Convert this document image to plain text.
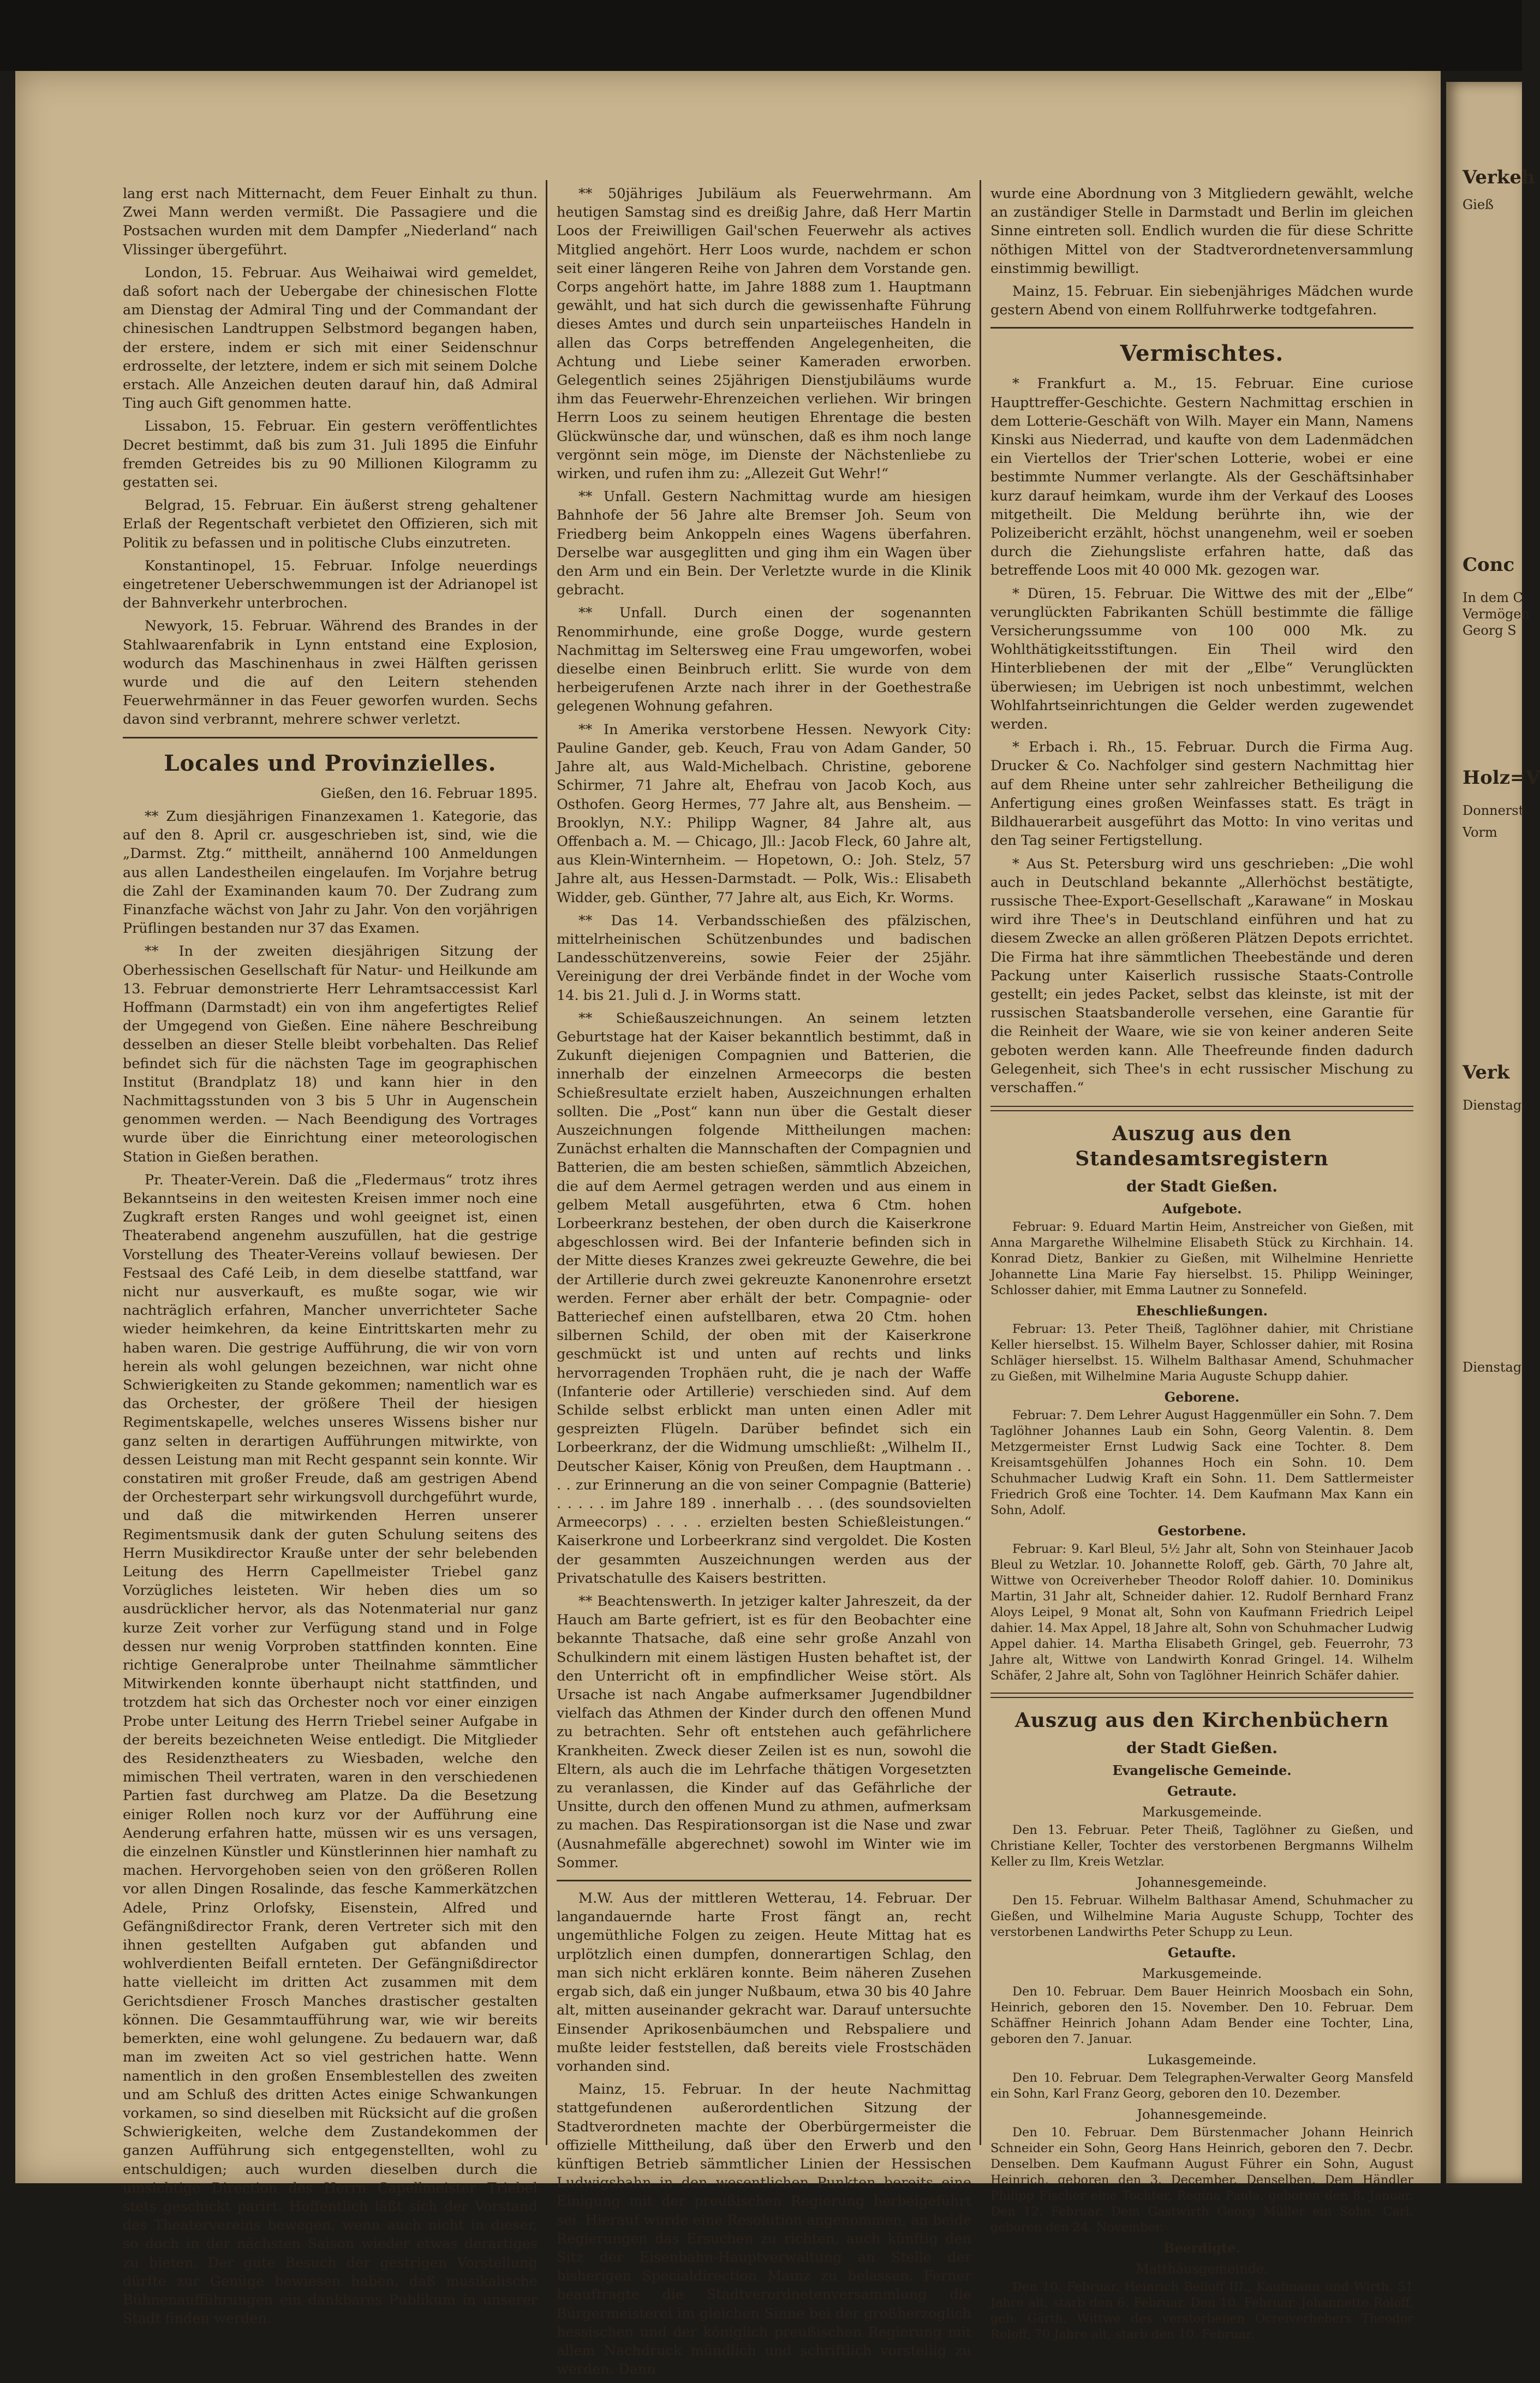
Verkeh
Gieß
Conc
In dem C
Vermögen
Georg S
Holz=V
Donnerst
Vorm
Verk
Dienstag
Dienstag

lang erst nach Mitternacht, dem Feuer Einhalt zu thun. Zwei Mann werden vermißt. Die Passagiere und die Postsachen wurden mit dem Dampfer „Niederland“ nach Vlissinger übergeführt.

London, 15. Februar. Aus Weihaiwai wird gemeldet, daß sofort nach der Uebergabe der chinesischen Flotte am Dienstag der Admiral Ting und der Commandant der chinesischen Landtruppen Selbstmord begangen haben, der erstere, indem er sich mit einer Seidenschnur erdrosselte, der letztere, indem er sich mit seinem Dolche erstach. Alle Anzeichen deuten darauf hin, daß Admiral Ting auch Gift genommen hatte.

Lissabon, 15. Februar. Ein gestern veröffentlichtes Decret bestimmt, daß bis zum 31. Juli 1895 die Einfuhr fremden Getreides bis zu 90 Millionen Kilogramm zu gestatten sei.

Belgrad, 15. Februar. Ein äußerst streng gehaltener Erlaß der Regentschaft verbietet den Offizieren, sich mit Politik zu befassen und in politische Clubs einzutreten.

Konstantinopel, 15. Februar. Infolge neuerdings eingetretener Ueberschwemmungen ist der Adrianopel ist der Bahnverkehr unterbrochen.

Newyork, 15. Februar. Während des Brandes in der Stahlwaarenfabrik in Lynn entstand eine Explosion, wodurch das Maschinenhaus in zwei Hälften gerissen wurde und die auf den Leitern stehenden Feuerwehrmänner in das Feuer geworfen wurden. Sechs davon sind verbrannt, mehrere schwer verletzt.

Locales und Provinzielles.

Gießen, den 16. Februar 1895.

** Zum diesjährigen Finanzexamen 1. Kategorie, das auf den 8. April cr. ausgeschrieben ist, sind, wie die „Darmst. Ztg.“ mittheilt, annähernd 100 Anmeldungen aus allen Landestheilen eingelaufen. Im Vorjahre betrug die Zahl der Examinanden kaum 70. Der Zudrang zum Finanzfache wächst von Jahr zu Jahr. Von den vorjährigen Prüflingen bestanden nur 37 das Examen.

** In der zweiten diesjährigen Sitzung der Oberhessischen Gesellschaft für Natur- und Heilkunde am 13. Februar demonstrierte Herr Lehramtsaccessist Karl Hoffmann (Darmstadt) ein von ihm angefertigtes Relief der Umgegend von Gießen. Eine nähere Beschreibung desselben an dieser Stelle bleibt vorbehalten. Das Relief befindet sich für die nächsten Tage im geographischen Institut (Brandplatz 18) und kann hier in den Nachmittagsstunden von 3 bis 5 Uhr in Augenschein genommen werden. — Nach Beendigung des Vortrages wurde über die Einrichtung einer meteorologischen Station in Gießen berathen.

Pr. Theater-Verein. Daß die „Fledermaus“ trotz ihres Bekanntseins in den weitesten Kreisen immer noch eine Zugkraft ersten Ranges und wohl geeignet ist, einen Theaterabend angenehm auszufüllen, hat die gestrige Vorstellung des Theater-Vereins vollauf bewiesen. Der Festsaal des Café Leib, in dem dieselbe stattfand, war nicht nur ausverkauft, es mußte sogar, wie wir nachträglich erfahren, Mancher unverrichteter Sache wieder heimkehren, da keine Eintrittskarten mehr zu haben waren. Die gestrige Aufführung, die wir von vorn herein als wohl gelungen bezeichnen, war nicht ohne Schwierigkeiten zu Stande gekommen; namentlich war es das Orchester, der größere Theil der hiesigen Regimentskapelle, welches unseres Wissens bisher nur ganz selten in derartigen Aufführungen mitwirkte, von dessen Leistung man mit Recht gespannt sein konnte. Wir constatiren mit großer Freude, daß am gestrigen Abend der Orchesterpart sehr wirkungsvoll durchgeführt wurde, und daß die mitwirkenden Herren unserer Regimentsmusik dank der guten Schulung seitens des Herrn Musikdirector Krauße unter der sehr belebenden Leitung des Herrn Capellmeister Triebel ganz Vorzügliches leisteten. Wir heben dies um so ausdrücklicher hervor, als das Notenmaterial nur ganz kurze Zeit vorher zur Verfügung stand und in Folge dessen nur wenig Vorproben stattfinden konnten. Eine richtige Generalprobe unter Theilnahme sämmtlicher Mitwirkenden konnte überhaupt nicht stattfinden, und trotzdem hat sich das Orchester noch vor einer einzigen Probe unter Leitung des Herrn Triebel seiner Aufgabe in der bereits bezeichneten Weise entledigt. Die Mitglieder des Residenztheaters zu Wiesbaden, welche den mimischen Theil vertraten, waren in den verschiedenen Partien fast durchweg am Platze. Da die Besetzung einiger Rollen noch kurz vor der Aufführung eine Aenderung erfahren hatte, müssen wir es uns versagen, die einzelnen Künstler und Künstlerinnen hier namhaft zu machen. Hervorgehoben seien von den größeren Rollen vor allen Dingen Rosalinde, das fesche Kammerkätzchen Adele, Prinz Orlofsky, Eisenstein, Alfred und Gefängnißdirector Frank, deren Vertreter sich mit den ihnen gestellten Aufgaben gut abfanden und wohlverdienten Beifall ernteten. Der Gefängnißdirector hatte vielleicht im dritten Act zusammen mit dem Gerichtsdiener Frosch Manches drastischer gestalten können. Die Gesammtaufführung war, wie wir bereits bemerkten, eine wohl gelungene. Zu bedauern war, daß man im zweiten Act so viel gestrichen hatte. Wenn namentlich in den großen Ensemblestellen des zweiten und am Schluß des dritten Actes einige Schwankungen vorkamen, so sind dieselben mit Rücksicht auf die großen Schwierigkeiten, welche dem Zustandekommen der ganzen Aufführung sich entgegenstellten, wohl zu entschuldigen; auch wurden dieselben durch die umsichtige Direction des Herrn Capellmeister Triebel stets geschickt parirt. Hoffentlich läßt sich der Vorstand des Theatervereins bewegen, wenn auch nicht in dieser, so doch in der nächsten Saison wieder etwas derartiges zu bieten. Der gute Besuch der gestrigen Vorstellung dürfte zur Genüge bewiesen haben, daß musikalische Bühnenaufführungen ein dankbares Publikum in unserer Stadt finden werden.

** 50jähriges Jubiläum als Feuerwehrmann. Am heutigen Samstag sind es dreißig Jahre, daß Herr Martin Loos der Freiwilligen Gail'schen Feuerwehr als actives Mitglied angehört. Herr Loos wurde, nachdem er schon seit einer längeren Reihe von Jahren dem Vorstande gen. Corps angehört hatte, im Jahre 1888 zum 1. Hauptmann gewählt, und hat sich durch die gewissenhafte Führung dieses Amtes und durch sein unparteiisches Handeln in allen das Corps betreffenden Angelegenheiten, die Achtung und Liebe seiner Kameraden erworben. Gelegentlich seines 25jährigen Dienstjubiläums wurde ihm das Feuerwehr-Ehrenzeichen verliehen. Wir bringen Herrn Loos zu seinem heutigen Ehrentage die besten Glückwünsche dar, und wünschen, daß es ihm noch lange vergönnt sein möge, im Dienste der Nächstenliebe zu wirken, und rufen ihm zu: „Allezeit Gut Wehr!“

** Unfall. Gestern Nachmittag wurde am hiesigen Bahnhofe der 56 Jahre alte Bremser Joh. Seum von Friedberg beim Ankoppeln eines Wagens überfahren. Derselbe war ausgeglitten und ging ihm ein Wagen über den Arm und ein Bein. Der Verletzte wurde in die Klinik gebracht.

** Unfall. Durch einen der sogenannten Renommirhunde, eine große Dogge, wurde gestern Nachmittag im Seltersweg eine Frau umgeworfen, wobei dieselbe einen Beinbruch erlitt. Sie wurde von dem herbeigerufenen Arzte nach ihrer in der Goethestraße gelegenen Wohnung gefahren.

** In Amerika verstorbene Hessen. Newyork City: Pauline Gander, geb. Keuch, Frau von Adam Gander, 50 Jahre alt, aus Wald-Michelbach. Christine, geborene Schirmer, 71 Jahre alt, Ehefrau von Jacob Koch, aus Osthofen. Georg Hermes, 77 Jahre alt, aus Bensheim. — Brooklyn, N.Y.: Philipp Wagner, 84 Jahre alt, aus Offenbach a. M. — Chicago, Jll.: Jacob Fleck, 60 Jahre alt, aus Klein-Winternheim. — Hopetown, O.: Joh. Stelz, 57 Jahre alt, aus Hessen-Darmstadt. — Polk, Wis.: Elisabeth Widder, geb. Günther, 77 Jahre alt, aus Eich, Kr. Worms.

** Das 14. Verbandsschießen des pfälzischen, mittelrheinischen Schützenbundes und badischen Landesschützenvereins, sowie Feier der 25jähr. Vereinigung der drei Verbände findet in der Woche vom 14. bis 21. Juli d. J. in Worms statt.

** Schießauszeichnungen. An seinem letzten Geburtstage hat der Kaiser bekanntlich bestimmt, daß in Zukunft diejenigen Compagnien und Batterien, die innerhalb der einzelnen Armeecorps die besten Schießresultate erzielt haben, Auszeichnungen erhalten sollten. Die „Post“ kann nun über die Gestalt dieser Auszeichnungen folgende Mittheilungen machen: Zunächst erhalten die Mannschaften der Compagnien und Batterien, die am besten schießen, sämmtlich Abzeichen, die auf dem Aermel getragen werden und aus einem in gelbem Metall ausgeführten, etwa 6 Ctm. hohen Lorbeerkranz bestehen, der oben durch die Kaiserkrone abgeschlossen wird. Bei der Infanterie befinden sich in der Mitte dieses Kranzes zwei gekreuzte Gewehre, die bei der Artillerie durch zwei gekreuzte Kanonenrohre ersetzt werden. Ferner aber erhält der betr. Compagnie- oder Batteriechef einen aufstellbaren, etwa 20 Ctm. hohen silbernen Schild, der oben mit der Kaiserkrone geschmückt ist und unten auf rechts und links hervorragenden Trophäen ruht, die je nach der Waffe (Infanterie oder Artillerie) verschieden sind. Auf dem Schilde selbst erblickt man unten einen Adler mit gespreizten Flügeln. Darüber befindet sich ein Lorbeerkranz, der die Widmung umschließt: „Wilhelm II., Deutscher Kaiser, König von Preußen, dem Hauptmann . . . . zur Erinnerung an die von seiner Compagnie (Batterie) . . . . . im Jahre 189 . innerhalb . . . (des soundsovielten Armeecorps) . . . . erzielten besten Schießleistungen.“ Kaiserkrone und Lorbeerkranz sind vergoldet. Die Kosten der gesammten Auszeichnungen werden aus der Privatschatulle des Kaisers bestritten.

** Beachtenswerth. In jetziger kalter Jahreszeit, da der Hauch am Barte gefriert, ist es für den Beobachter eine bekannte Thatsache, daß eine sehr große Anzahl von Schulkindern mit einem lästigen Husten behaftet ist, der den Unterricht oft in empfindlicher Weise stört. Als Ursache ist nach Angabe aufmerksamer Jugendbildner vielfach das Athmen der Kinder durch den offenen Mund zu betrachten. Sehr oft entstehen auch gefährlichere Krankheiten. Zweck dieser Zeilen ist es nun, sowohl die Eltern, als auch die im Lehrfache thätigen Vorgesetzten zu veranlassen, die Kinder auf das Gefährliche der Unsitte, durch den offenen Mund zu athmen, aufmerksam zu machen. Das Respirationsorgan ist die Nase und zwar (Ausnahmefälle abgerechnet) sowohl im Winter wie im Sommer.

M.W. Aus der mittleren Wetterau, 14. Februar. Der langandauernde harte Frost fängt an, recht ungemüthliche Folgen zu zeigen. Heute Mittag hat es urplötzlich einen dumpfen, donnerartigen Schlag, den man sich nicht erklären konnte. Beim näheren Zusehen ergab sich, daß ein junger Nußbaum, etwa 30 bis 40 Jahre alt, mitten auseinander gekracht war. Darauf untersuchte Einsender Aprikosenbäumchen und Rebspaliere und mußte leider feststellen, daß bereits viele Frostschäden vorhanden sind.

Mainz, 15. Februar. In der heute Nachmittag stattgefundenen außerordentlichen Sitzung der Stadtverordneten machte der Oberbürgermeister die offizielle Mittheilung, daß über den Erwerb und den künftigen Betrieb sämmtlicher Linien der Hessischen Ludwigsbahn in den wesentlichen Punkten bereits eine Einigung mit der preußischen Regierung herbeigeführt sei. Hierauf wurde eine Resolution angenommen, an beide Regierungen das Ersuchen zu richten, auch künftig den Sitz der Eisenbahn-Hauptverwaltung an Stelle der bisherigen Specialdirection Mainz zu belassen. Ferner beauftragte die Stadtverordnetenversammlung die Bürgermeisterei im gleichen Sinne bei der großherzoglich hessischen und der königlich preußischen Regierung mit allem Nachdruck mündlich und schriftlich vorstellig zu werden. Dann

wurde eine Abordnung von 3 Mitgliedern gewählt, welche an zuständiger Stelle in Darmstadt und Berlin im gleichen Sinne eintreten soll. Endlich wurden die für diese Schritte nöthigen Mittel von der Stadtverordnetenversammlung einstimmig bewilligt.

Mainz, 15. Februar. Ein siebenjähriges Mädchen wurde gestern Abend von einem Rollfuhrwerke todtgefahren.

Vermischtes.

* Frankfurt a. M., 15. Februar. Eine curiose Haupttreffer-Geschichte. Gestern Nachmittag erschien in dem Lotterie-Geschäft von Wilh. Mayer ein Mann, Namens Kinski aus Niederrad, und kaufte von dem Ladenmädchen ein Viertellos der Trier'schen Lotterie, wobei er eine bestimmte Nummer verlangte. Als der Geschäftsinhaber kurz darauf heimkam, wurde ihm der Verkauf des Looses mitgetheilt. Die Meldung berührte ihn, wie der Polizeibericht erzählt, höchst unangenehm, weil er soeben durch die Ziehungsliste erfahren hatte, daß das betreffende Loos mit 40 000 Mk. gezogen war.

* Düren, 15. Februar. Die Wittwe des mit der „Elbe“ verunglückten Fabrikanten Schüll bestimmte die fällige Versicherungssumme von 100 000 Mk. zu Wohlthätigkeitsstiftungen. Ein Theil wird den Hinterbliebenen der mit der „Elbe“ Verunglückten überwiesen; im Uebrigen ist noch unbestimmt, welchen Wohlfahrtseinrichtungen die Gelder werden zugewendet werden.

* Erbach i. Rh., 15. Februar. Durch die Firma Aug. Drucker & Co. Nachfolger sind gestern Nachmittag hier auf dem Rheine unter sehr zahlreicher Betheiligung die Anfertigung eines großen Weinfasses statt. Es trägt in Bildhauerarbeit ausgeführt das Motto: In vino veritas und den Tag seiner Fertigstellung.

* Aus St. Petersburg wird uns geschrieben: „Die wohl auch in Deutschland bekannte „Allerhöchst bestätigte, russische Thee-Export-Gesellschaft „Karawane“ in Moskau wird ihre Thee's in Deutschland einführen und hat zu diesem Zwecke an allen größeren Plätzen Depots errichtet. Die Firma hat ihre sämmtlichen Theebestände und deren Packung unter Kaiserlich russische Staats-Controlle gestellt; ein jedes Packet, selbst das kleinste, ist mit der russischen Staatsbanderolle versehen, eine Garantie für die Reinheit der Waare, wie sie von keiner anderen Seite geboten werden kann. Alle Theefreunde finden dadurch Gelegenheit, sich Thee's in echt russischer Mischung zu verschaffen.“

Auszug aus den Standesamtsregistern
der Stadt Gießen.
Aufgebote.

Februar: 9. Eduard Martin Heim, Anstreicher von Gießen, mit Anna Margarethe Wilhelmine Elisabeth Stück zu Kirchhain. 14. Konrad Dietz, Bankier zu Gießen, mit Wilhelmine Henriette Johannette Lina Marie Fay hierselbst. 15. Philipp Weininger, Schlosser dahier, mit Emma Lautner zu Sonnefeld.

Eheschließungen.

Februar: 13. Peter Theiß, Taglöhner dahier, mit Christiane Keller hierselbst. 15. Wilhelm Bayer, Schlosser dahier, mit Rosina Schläger hierselbst. 15. Wilhelm Balthasar Amend, Schuhmacher zu Gießen, mit Wilhelmine Maria Auguste Schupp dahier.

Geborene.

Februar: 7. Dem Lehrer August Haggenmüller ein Sohn. 7. Dem Taglöhner Johannes Laub ein Sohn, Georg Valentin. 8. Dem Metzgermeister Ernst Ludwig Sack eine Tochter. 8. Dem Kreisamtsgehülfen Johannes Hoch ein Sohn. 10. Dem Schuhmacher Ludwig Kraft ein Sohn. 11. Dem Sattlermeister Friedrich Groß eine Tochter. 14. Dem Kaufmann Max Kann ein Sohn, Adolf.

Gestorbene.

Februar: 9. Karl Bleul, 5½ Jahr alt, Sohn von Steinhauer Jacob Bleul zu Wetzlar. 10. Johannette Roloff, geb. Gärth, 70 Jahre alt, Wittwe von Ocreiverheber Theodor Roloff dahier. 10. Dominikus Martin, 31 Jahr alt, Schneider dahier. 12. Rudolf Bernhard Franz Aloys Leipel, 9 Monat alt, Sohn von Kaufmann Friedrich Leipel dahier. 14. Max Appel, 18 Jahre alt, Sohn von Schuhmacher Ludwig Appel dahier. 14. Martha Elisabeth Gringel, geb. Feuerrohr, 73 Jahre alt, Wittwe von Landwirth Konrad Gringel. 14. Wilhelm Schäfer, 2 Jahre alt, Sohn von Taglöhner Heinrich Schäfer dahier.

Auszug aus den Kirchenbüchern
der Stadt Gießen.
Evangelische Gemeinde.
Getraute.
Markusgemeinde.

Den 13. Februar. Peter Theiß, Taglöhner zu Gießen, und Christiane Keller, Tochter des verstorbenen Bergmanns Wilhelm Keller zu Ilm, Kreis Wetzlar.

Johannesgemeinde.

Den 15. Februar. Wilhelm Balthasar Amend, Schuhmacher zu Gießen, und Wilhelmine Maria Auguste Schupp, Tochter des verstorbenen Landwirths Peter Schupp zu Leun.

Getaufte.
Markusgemeinde.

Den 10. Februar. Dem Bauer Heinrich Moosbach ein Sohn, Heinrich, geboren den 15. November. Den 10. Februar. Dem Schäffner Heinrich Johann Adam Bender eine Tochter, Lina, geboren den 7. Januar.

Lukasgemeinde.

Den 10. Februar. Dem Telegraphen-Verwalter Georg Mansfeld ein Sohn, Karl Franz Georg, geboren den 10. Dezember.

Johannesgemeinde.

Den 10. Februar. Dem Bürstenmacher Johann Heinrich Schneider ein Sohn, Georg Hans Heinrich, geboren den 7. Decbr. Denselben. Dem Kaufmann August Führer ein Sohn, August Heinrich, geboren den 3. December. Denselben. Dem Händler Philipp Fischer eine Tochter, Regina Paula, geboren den 8. Januar. Den 12. Februar. Dem Gastwirth Georg Müller ein Sohn, Carl, geboren den 24. November.

Beerdigte.
Matthäusgemeinde.

Den 10. Februar. Heinrich Belloff III., Kaufmann und Wirth, 51 Jahre alt, starb den 6. Februar. Den 10. Februar. Johannette Roloff, geb. Gärth, Wittwe des verstorbenen Ocreiverhebers Theodor Roloff, 70 Jahre alt, starb den 10. Februar.
